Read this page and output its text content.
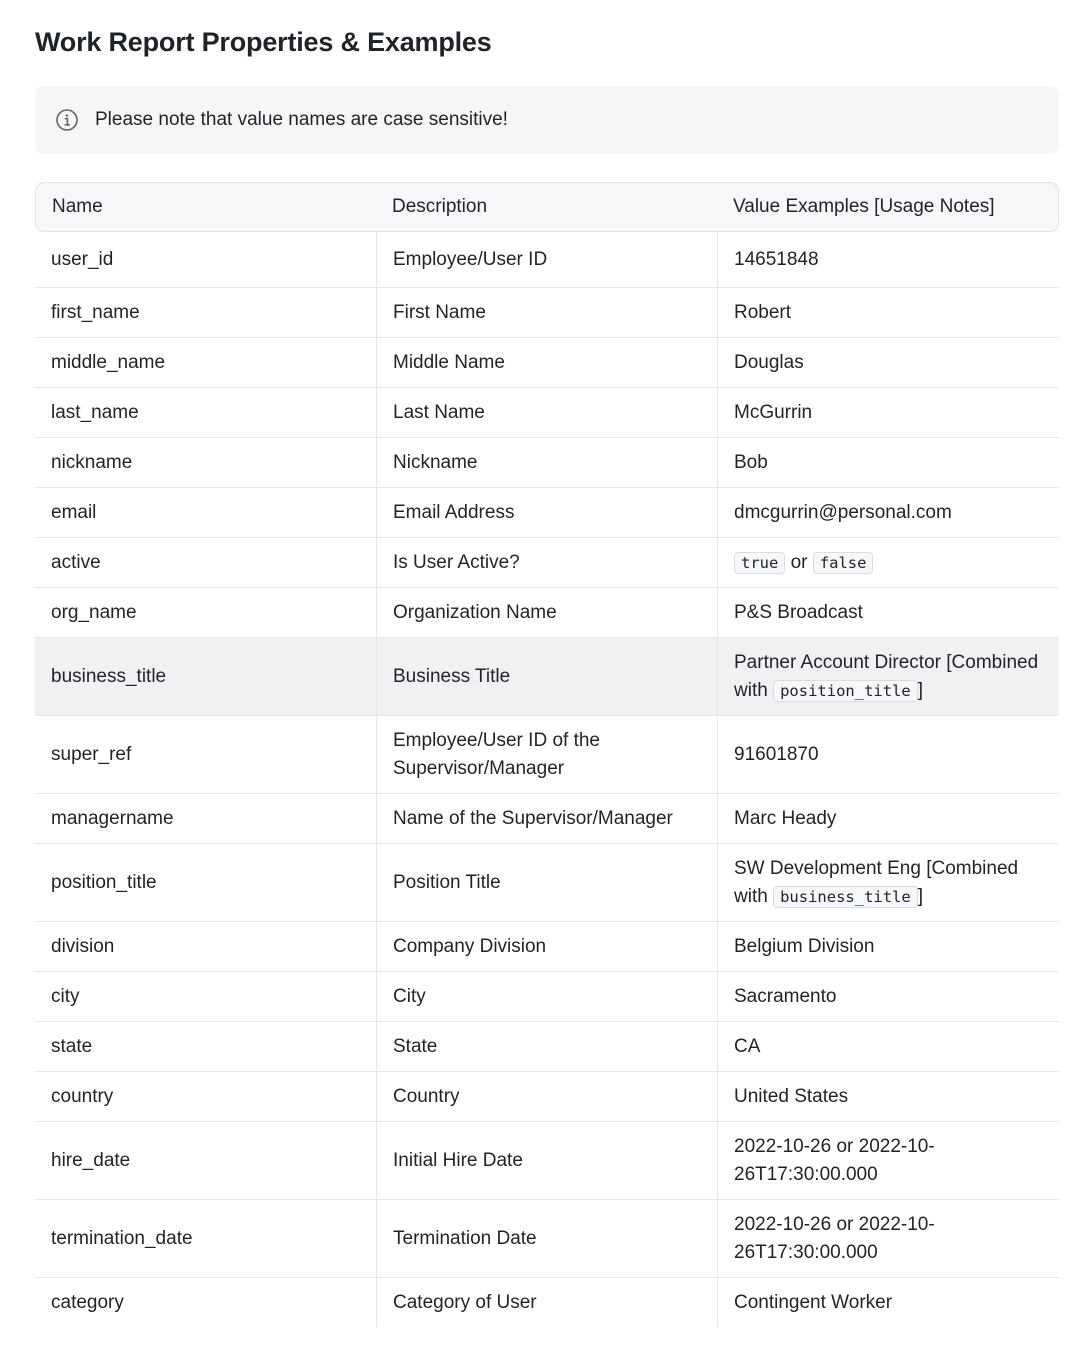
Work Report Properties & Examples
Please note that value names are case sensitive!
Name	Description	Value Examples [Usage Notes]
user_id	Employee/User ID	14651848
first_name	First Name	Robert
middle_name	Middle Name	Douglas
last_name	Last Name	McGurrin
nickname	Nickname	Bob
email	Email Address	dmcgurrin@personal.com
active	Is User Active?	true or false
org_name	Organization Name	P&S Broadcast
business_title	Business Title	Partner Account Director [Combined with position_title ]
super_ref	Employee/User ID of the Supervisor/Manager	91601870
managername	Name of the Supervisor/Manager	Marc Heady
position_title	Position Title	SW Development Eng [Combined with business_title ]
division	Company Division	Belgium Division
city	City	Sacramento
state	State	CA
country	Country	United States
hire_date	Initial Hire Date	2022-10-26 or 2022-10-26T17:30:00.000
termination_date	Termination Date	2022-10-26 or 2022-10-26T17:30:00.000
category	Category of User	Contingent Worker
